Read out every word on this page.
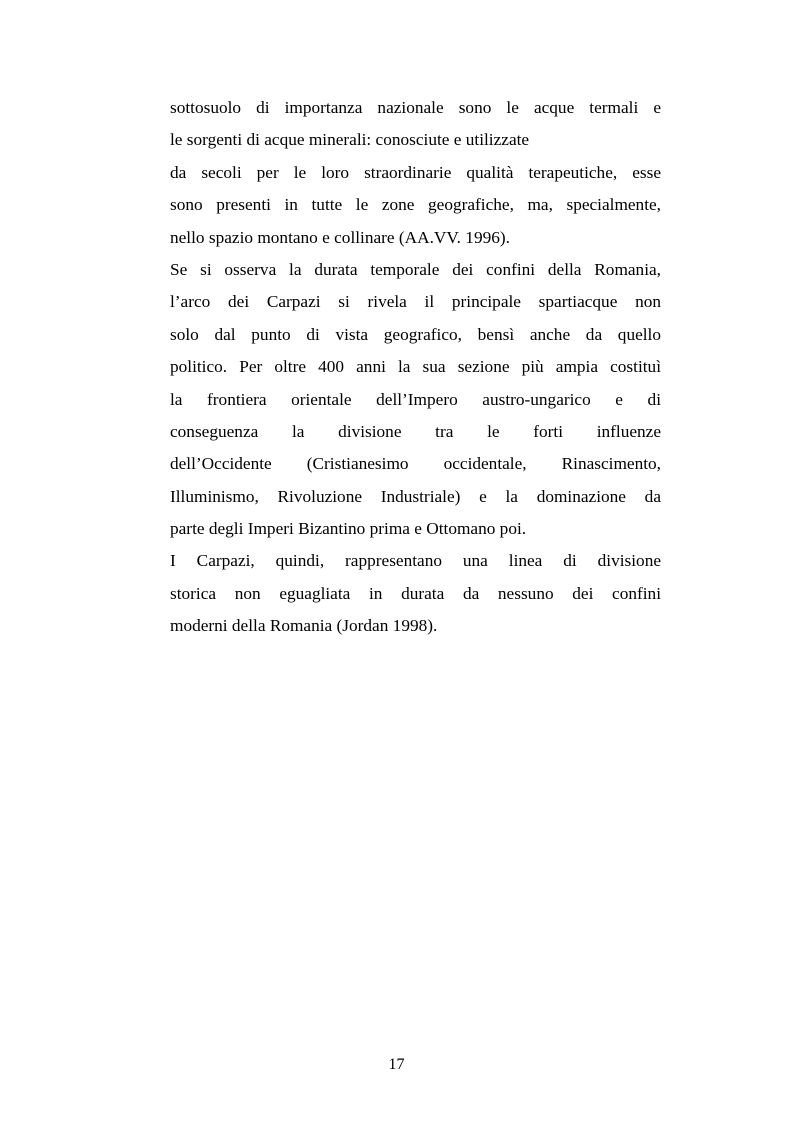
sottosuolo di importanza nazionale sono le acque termali e
le sorgenti di acque minerali: conosciute e utilizzate
da secoli per le loro straordinarie qualità terapeutiche, esse
sono presenti in tutte le zone geografiche, ma, specialmente,
nello spazio montano e collinare (AA.VV. 1996).
Se si osserva la durata temporale dei confini della Romania,
l’arco dei Carpazi si rivela il principale spartiacque non
solo dal punto di vista geografico, bensì anche da quello
politico. Per oltre 400 anni la sua sezione più ampia costituì
la frontiera orientale dell’Impero austro-ungarico e di
conseguenza la divisione tra le forti influenze
dell’Occidente (Cristianesimo occidentale, Rinascimento,
Illuminismo, Rivoluzione Industriale) e la dominazione da
parte degli Imperi Bizantino prima e Ottomano poi.
I Carpazi, quindi, rappresentano una linea di divisione
storica non eguagliata in durata da nessuno dei confini
moderni della Romania (Jordan 1998).
17
